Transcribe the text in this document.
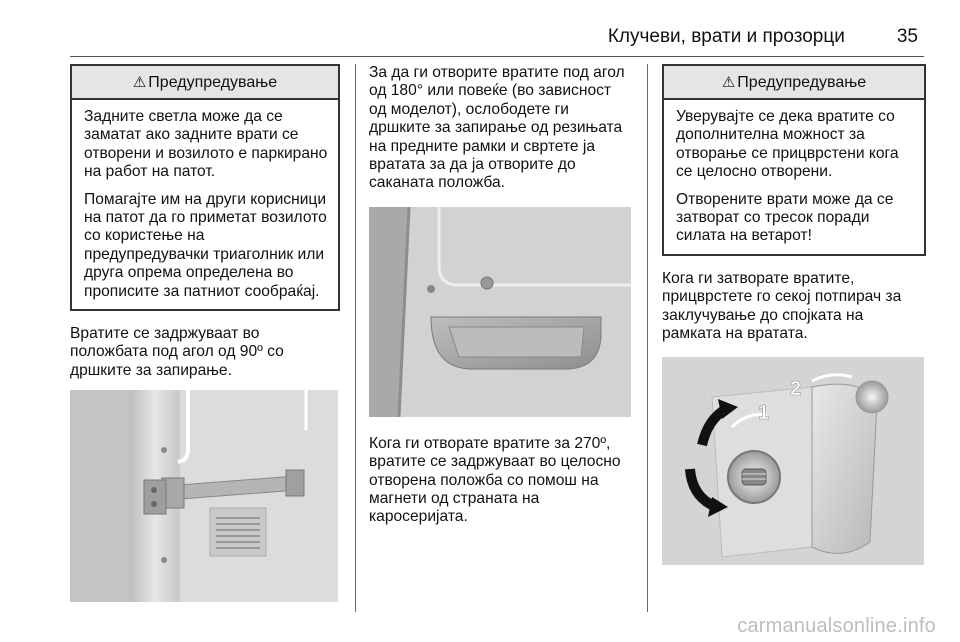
Клучеви, врати и прозорци	35
⚠ Предупредување

Задните светла може да се заматат ако задните врати се отворени и возилото е паркирано на работ на патот.

Помагајте им на други корисници на патот да го приметат возилото со користење на предупредувачки триаголник или друга опрема определена во прописите за патниот сообраќај.

Вратите се задржуваат во положбата под агол од 90º со дршките за запирање.

За да ги отворите вратите под агол од 180° или повеќе (во зависност од моделот), ослободете ги дршките за запирање од резињата на предните рамки и свртете ја вратата за да ја отворите до саканата положба.

Кога ги отворате вратите за 270º, вратите се задржуваат во целосно отворена положба со помош на магнети од страната на каросеријата.

⚠ Предупредување

Уверувајте се дека вратите со дополнителна можност за отворање се прицврстени кога се целосно отворени.

Отворените врати може да се затворат со тресок поради силата на ветарот!

Кога ги затворате вратите, прицврстете го секој потпирач за заклучување до спојката на рамката на вратата.

1
2
carmanualsonline.info
